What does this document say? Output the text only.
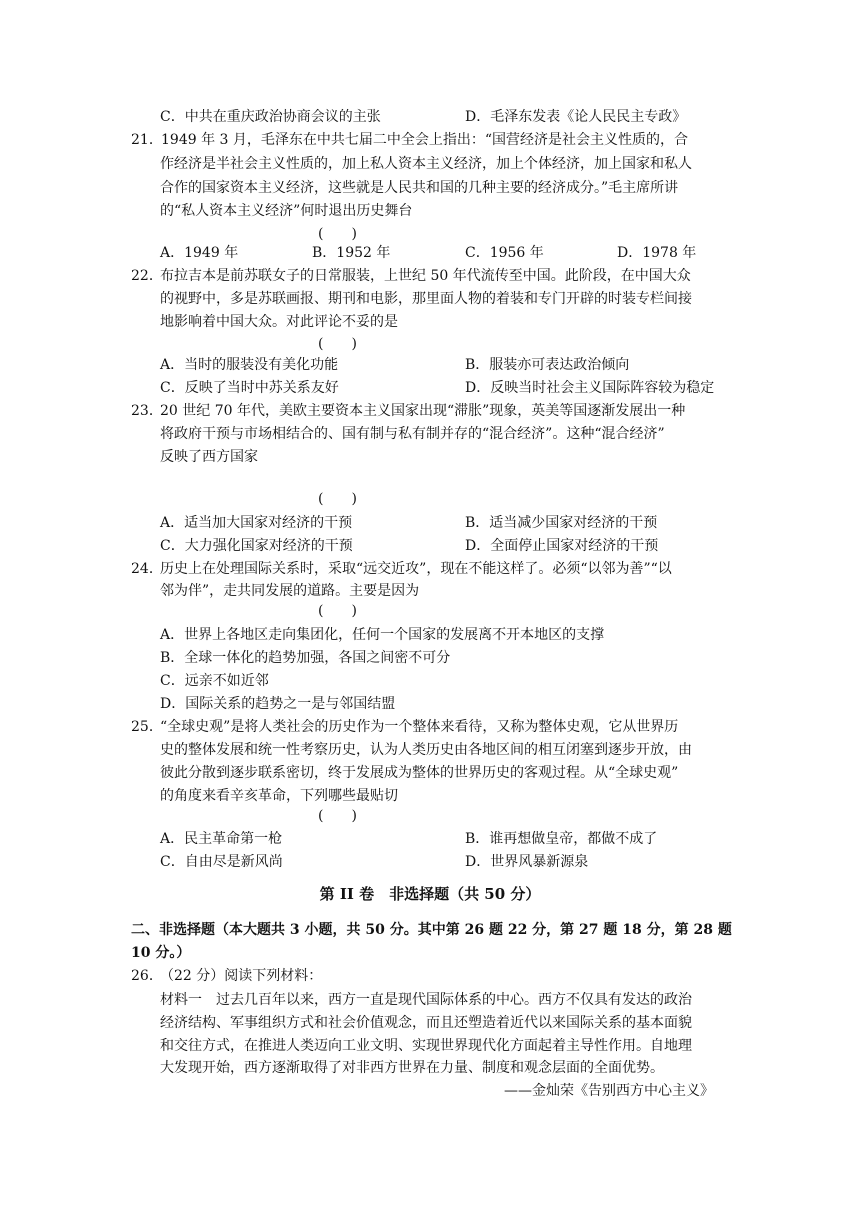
C．中共在重庆政治协商会议的主张	D．毛泽东发表《论人民民主专政》
21．
1949 年 3 月，毛泽东在中共七届二中全会上指出：“国营经济是社会主义性质的，合
作经济是半社会主义性质的，加上私人资本主义经济，加上个体经济，加上国家和私人
合作的国家资本主义经济，这些就是人民共和国的几种主要的经济成分。”毛主席所讲
的“私人资本主义经济”何时退出历史舞台
(　　)
A．1949 年	B．1952 年	C．1956 年	D．1978 年
22．
布拉吉本是前苏联女子的日常服装，上世纪 50 年代流传至中国。此阶段，在中国大众
的视野中，多是苏联画报、期刊和电影，那里面人物的着装和专门开辟的时装专栏间接
地影响着中国大众。对此评论不妥的是
(　　)
A．当时的服装没有美化功能	B．服装亦可表达政治倾向
C．反映了当时中苏关系友好	D．反映当时社会主义国际阵容较为稳定
23．
20 世纪 70 年代，美欧主要资本主义国家出现“滞胀”现象，英美等国逐渐发展出一种
将政府干预与市场相结合的、国有制与私有制并存的“混合经济”。这种“混合经济”
反映了西方国家
(　　)
A．适当加大国家对经济的干预	B．适当减少国家对经济的干预
C．大力强化国家对经济的干预	D．全面停止国家对经济的干预
24．
历史上在处理国际关系时，采取“远交近攻”，现在不能这样了。必须“以邻为善”“以
邻为伴”，走共同发展的道路。主要是因为
(　　)
A．世界上各地区走向集团化，任何一个国家的发展离不开本地区的支撑
B．全球一体化的趋势加强，各国之间密不可分
C．远亲不如近邻
D．国际关系的趋势之一是与邻国结盟
25．
“全球史观”是将人类社会的历史作为一个整体来看待，又称为整体史观，它从世界历
史的整体发展和统一性考察历史，认为人类历史由各地区间的相互闭塞到逐步开放，由
彼此分散到逐步联系密切，终于发展成为整体的世界历史的客观过程。从“全球史观”
的角度来看辛亥革命，下列哪些最贴切
(　　)
A．民主革命第一枪	B．谁再想做皇帝，都做不成了
C．自由尽是新风尚	D．世界风暴新源泉
第 II 卷　非选择题（共 50 分）
二、非选择题（本大题共 3 小题，共 50 分。其中第 26 题 22 分，第 27 题 18 分，第 28 题
10 分。）
26．
（22 分）阅读下列材料：
材料一　过去几百年以来，西方一直是现代国际体系的中心。西方不仅具有发达的政治
经济结构、军事组织方式和社会价值观念，而且还塑造着近代以来国际关系的基本面貌
和交往方式，在推进人类迈向工业文明、实现世界现代化方面起着主导性作用。自地理
大发现开始，西方逐渐取得了对非西方世界在力量、制度和观念层面的全面优势。
——金灿荣《告别西方中心主义》
